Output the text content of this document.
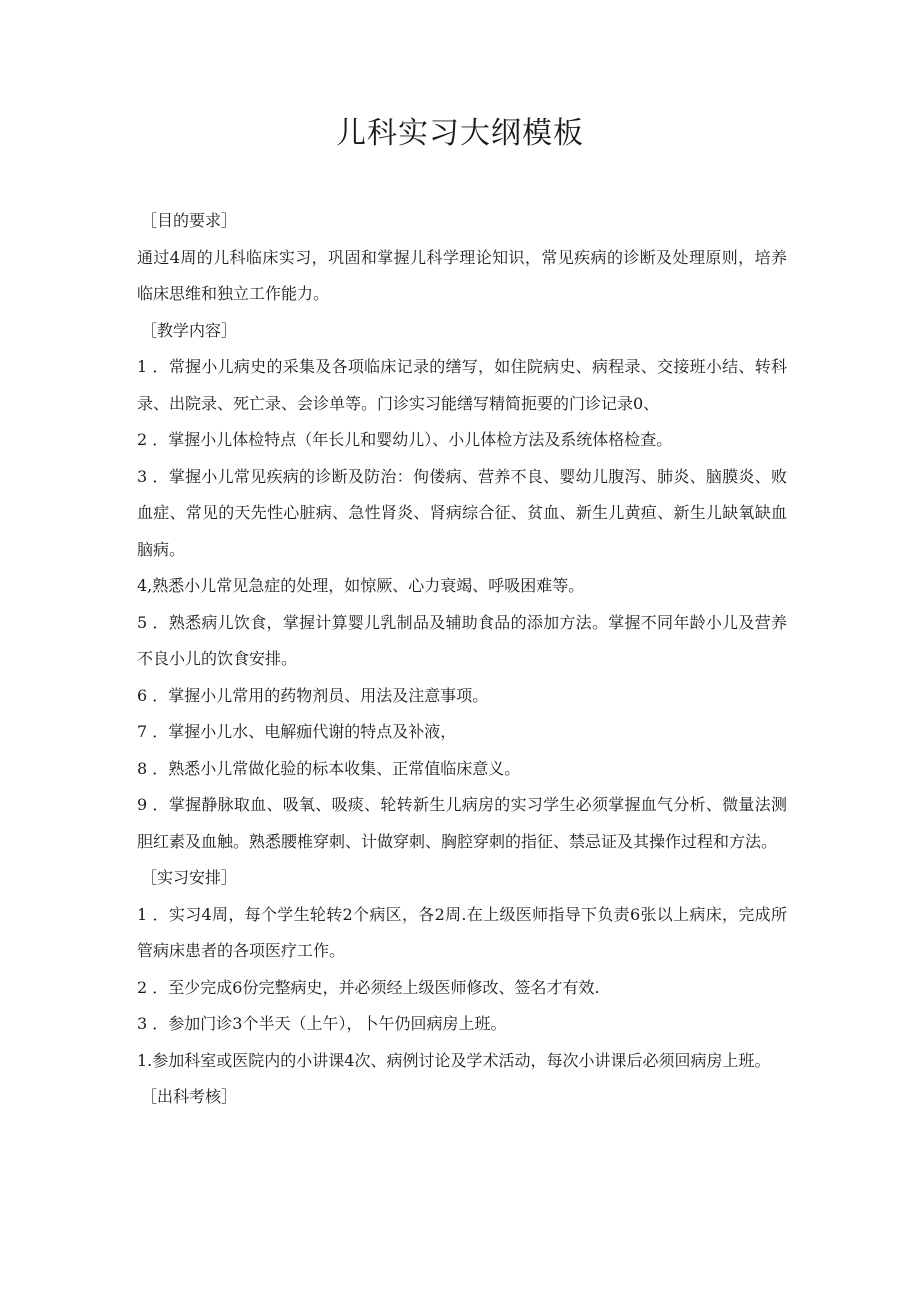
儿科实习大纲模板

［目的要求］

通过4周的儿科临床实习，巩固和掌握儿科学理论知识，常见疾病的诊断及处理原则，培养临床思维和独立工作能力。

［教学内容］

1 ．常握小儿病史的采集及各项临床记录的缮写，如住院病史、病程录、交接班小结、转科录、出院录、死亡录、会诊单等。门诊实习能缮写精简扼要的门诊记录0、

2 ．掌握小儿体检特点（年长儿和婴幼儿）、小儿体检方法及系统体格检查。

3 ．掌握小儿常见疾病的诊断及防治：佝偻病、营养不良、婴幼儿腹泻、肺炎、脑膜炎、败血症、常见的天先性心脏病、急性肾炎、肾病综合征、贫血、新生儿黄疸、新生儿缺氧缺血脑病。

4,熟悉小儿常见急症的处理，如惊厥、心力衰竭、呼吸困难等。

5 ．熟悉病儿饮食，掌握计算婴儿乳制品及辅助食品的添加方法。掌握不同年龄小儿及营养不良小儿的饮食安排。

6 ．掌握小儿常用的药物剂员、用法及注意事项。

7 ．掌握小儿水、电解痂代谢的特点及补液，

8 ．熟悉小儿常做化验的标本收集、正常值临床意义。

9 ．掌握静脉取血、吸氧、吸痰、轮转新生儿病房的实习学生必须掌握血气分析、微量法测胆红素及血触。熟悉腰椎穿刺、计做穿刺、胸腔穿刺的指征、禁忌证及其操作过程和方法。

［实习安排］

1 ．实习4周，每个学生轮转2个病区，各2周.在上级医师指导下负责6张以上病床，完成所管病床患者的各项医疗工作。

2 ．至少完成6份完整病史，并必须经上级医师修改、签名才有效.

3 ．参加门诊3个半天（上午），卜午仍回病房上班。

1.参加科室或医院内的小讲课4次、病例讨论及学术活动，每次小讲课后必须回病房上班。

［出科考核］
